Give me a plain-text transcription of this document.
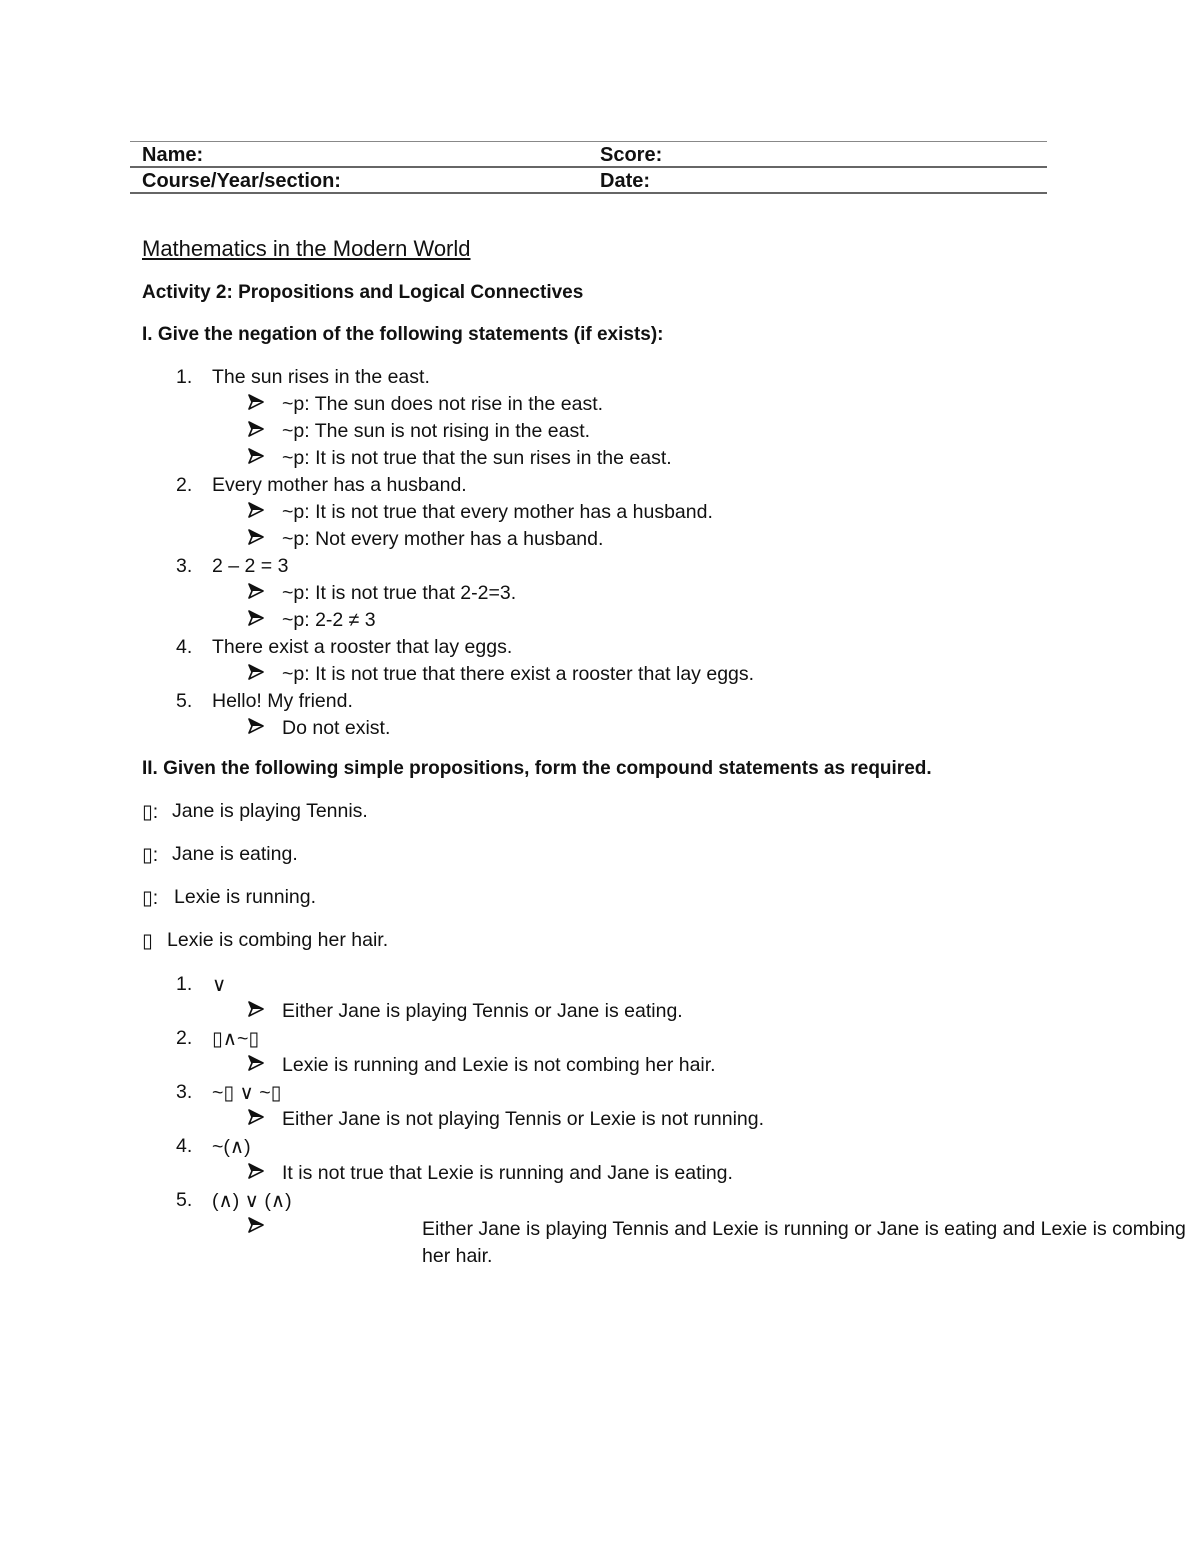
Name:	Score:
Course/Year/section:	Date:
Mathematics in the Modern World
Activity 2: Propositions and Logical Connectives
I. Give the negation of the following statements (if exists):
1.	The sun rises in the east.
~p: The sun does not rise in the east.
~p: The sun is not rising in the east.
~p: It is not true that the sun rises in the east.
2.	Every mother has a husband.
~p: It is not true that every mother has a husband.
~p: Not every mother has a husband.
3.	2 – 2 = 3
~p: It is not true that 2-2=3.
~p: 2-2 ≠ 3
4.	There exist a rooster that lay eggs.
~p: It is not true that there exist a rooster that lay eggs.
5.	Hello! My friend.
Do not exist.
II. Given the following simple propositions, form the compound statements as required.
▯: Jane is playing Tennis.
▯: Jane is eating.
▯: Lexie is running.
▯ Lexie is combing her hair.
1.	∨
Either Jane is playing Tennis or Jane is eating.
2.	▯∧~▯
Lexie is running and Lexie is not combing her hair.
3.	~▯ ∨ ~▯
Either Jane is not playing Tennis or Lexie is not running.
4.	~(∧)
It is not true that Lexie is running and Jane is eating.
5.	(∧) ∨ (∧)
Either Jane is playing Tennis and Lexie is running or Jane is eating and Lexie is combing her hair.
